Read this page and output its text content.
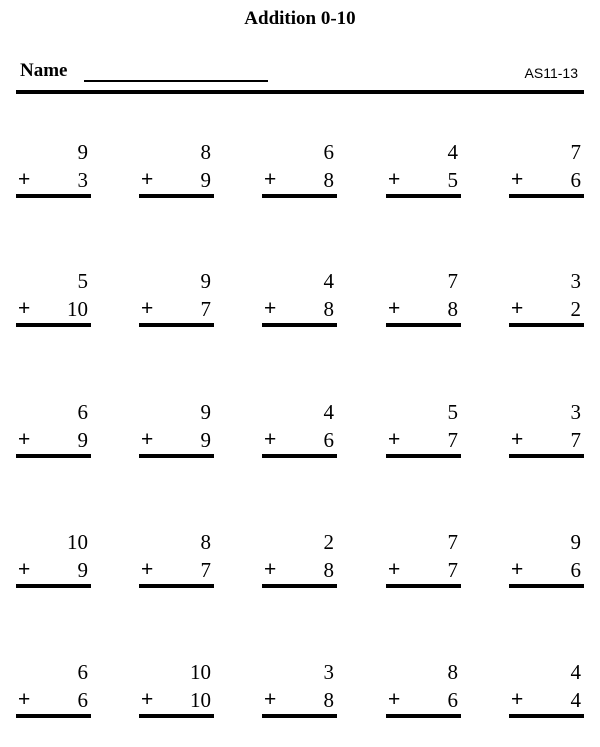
Addition 0-10
Name	AS11-13
9
+ 3
8
+ 9
6
+ 8
4
+ 5
7
+ 6
5
+ 10
9
+ 7
4
+ 8
7
+ 8
3
+ 2
6
+ 9
9
+ 9
4
+ 6
5
+ 7
3
+ 7
10
+ 9
8
+ 7
2
+ 8
7
+ 7
9
+ 6
6
+ 6
10
+ 10
3
+ 8
8
+ 6
4
+ 4
